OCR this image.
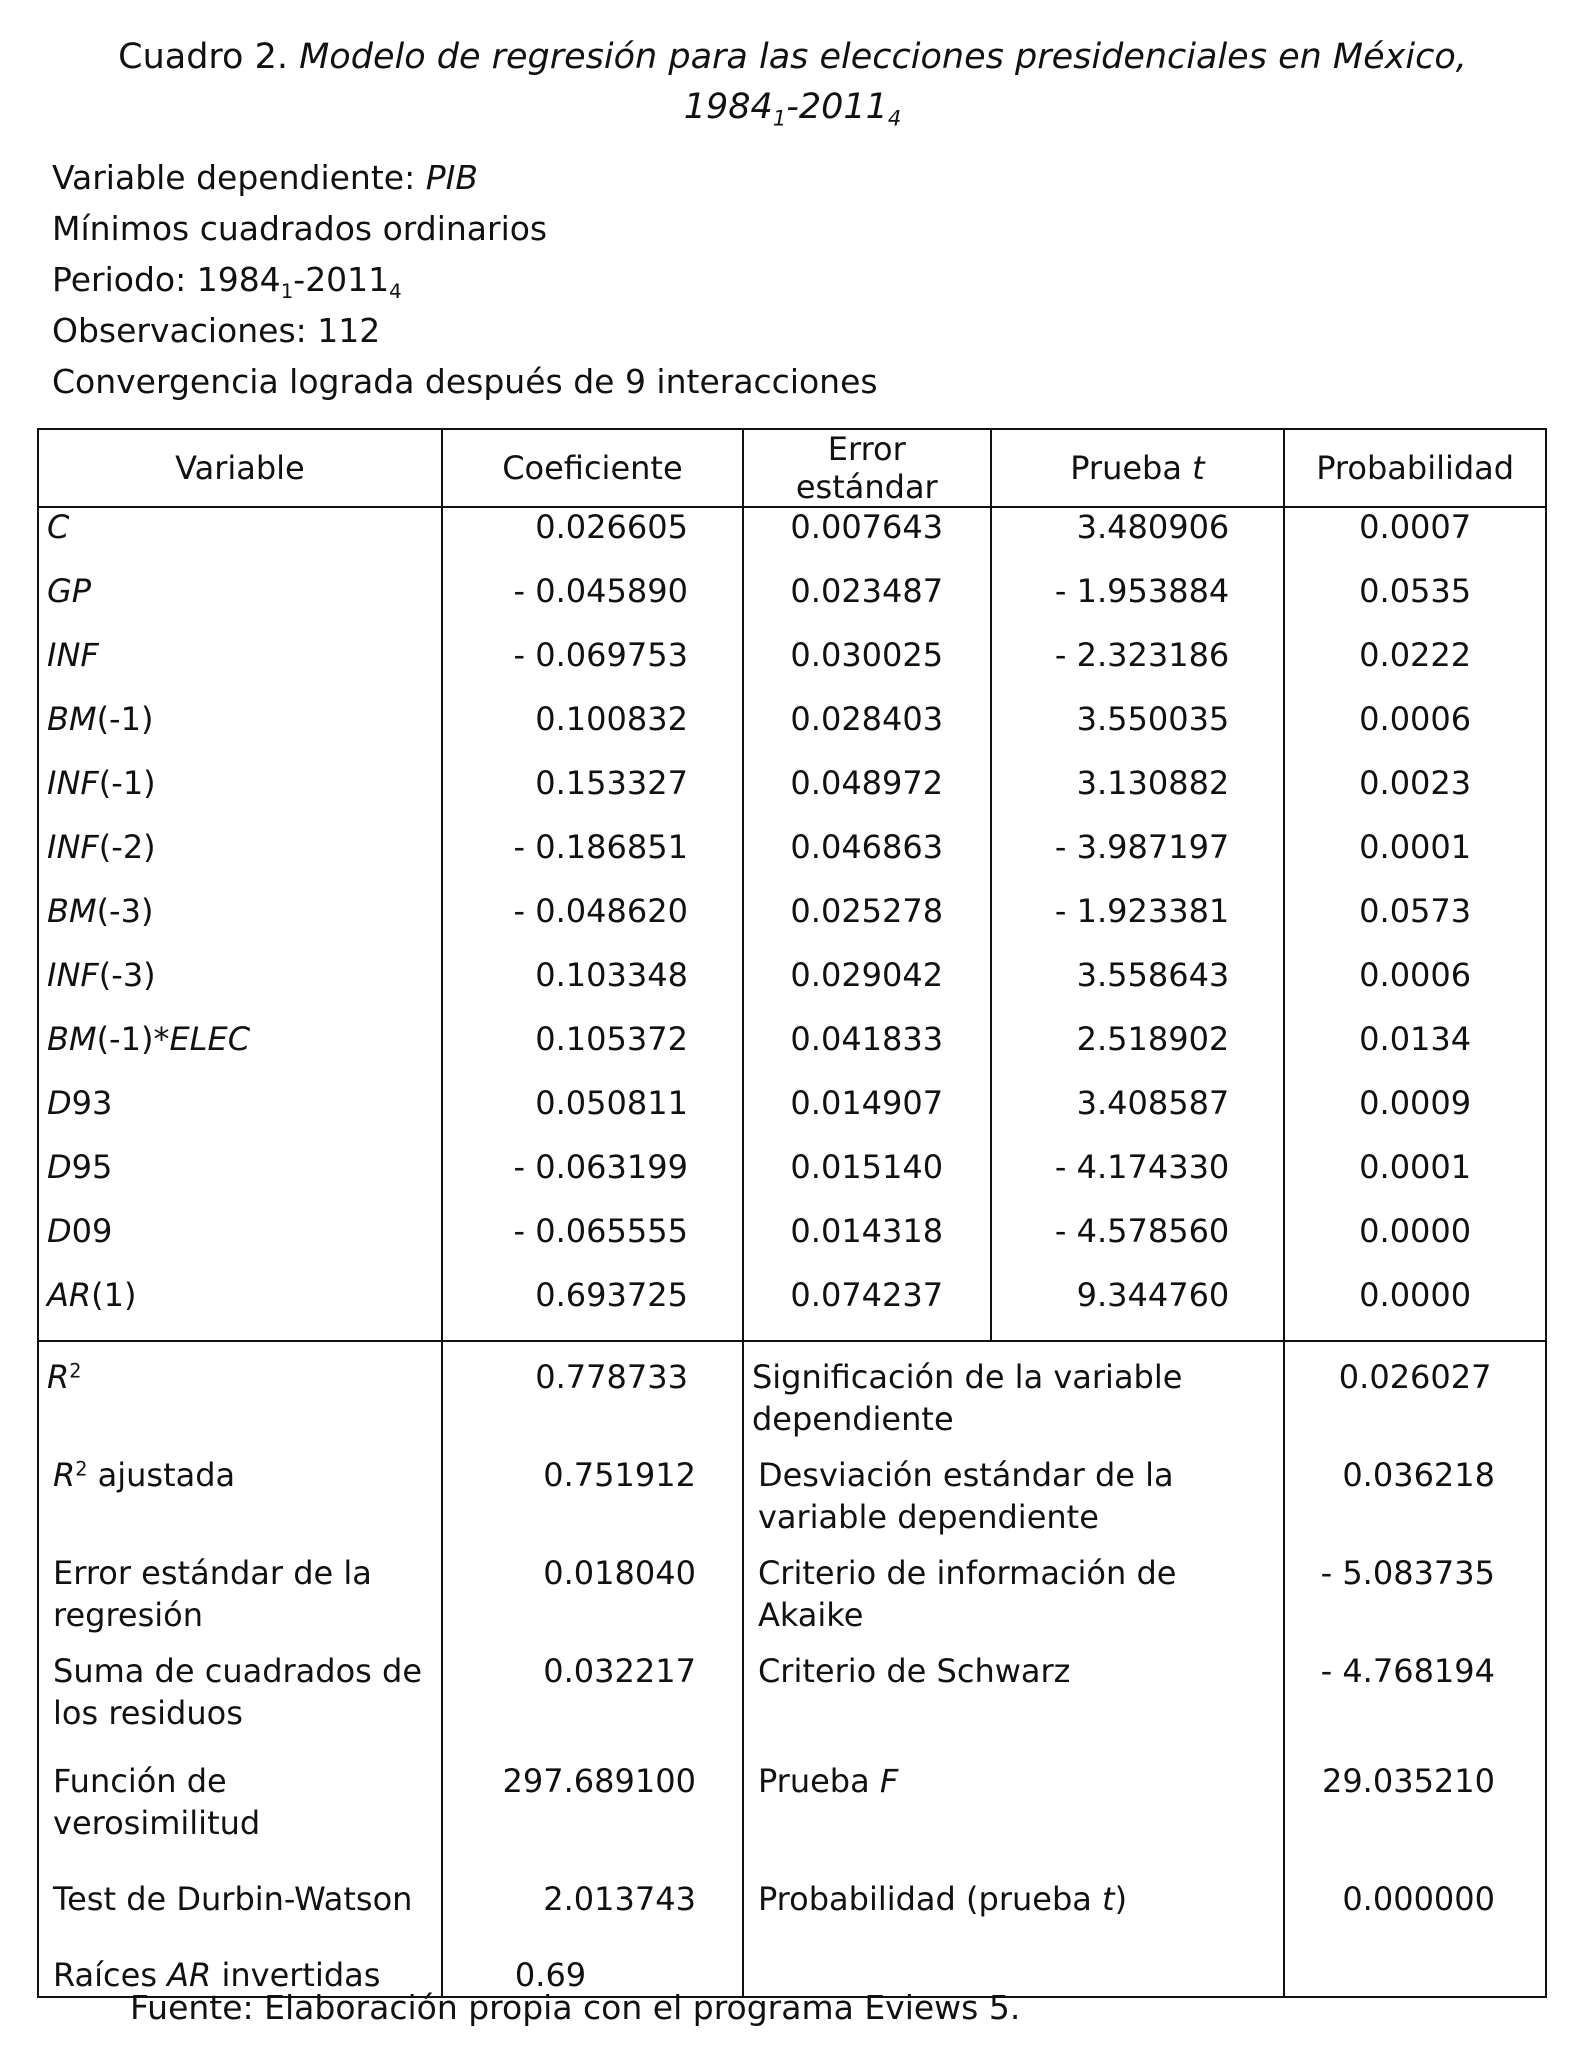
Cuadro 2. Modelo de regresión para las elecciones presidenciales en México,
$1984_1-2011_4$
Variable dependiente: PIB
Mínimos cuadrados ordinarios
Periodo: $1984_1-2011_4$
Observaciones: 112
Convergencia lograda después de 9 interacciones
Variable	Coeficiente	Error estándar	Prueba t	Probabilidad
C	0.026605	0.007643	3.480906	0.0007
GP	- 0.045890	0.023487	- 1.953884	0.0535
INF	- 0.069753	0.030025	- 2.323186	0.0222
BM(-1)	0.100832	0.028403	3.550035	0.0006
INF(-1)	0.153327	0.048972	3.130882	0.0023
INF(-2)	- 0.186851	0.046863	- 3.987197	0.0001
BM(-3)	- 0.048620	0.025278	- 1.923381	0.0573
INF(-3)	0.103348	0.029042	3.558643	0.0006
BM(-1)*ELEC	0.105372	0.041833	2.518902	0.0134
D93	0.050811	0.014907	3.408587	0.0009
D95	- 0.063199	0.015140	- 4.174330	0.0001
D09	- 0.065555	0.014318	- 4.578560	0.0000
AR(1)	0.693725	0.074237	9.344760	0.0000
$R^2$	0.778733	Significación de la variable dependiente		0.026027
$R^2$ ajustada	0.751912	Desviación estándar de la variable dependiente		0.036218
Error estándar de la regresión	0.018040	Criterio de información de Akaike		- 5.083735
Suma de cuadrados de los residuos	0.032217	Criterio de Schwarz		- 4.768194
Función de verosimilitud	297.689100	Prueba F		29.035210
Test de Durbin-Watson	2.013743	Probabilidad (prueba t)		0.000000
Raíces AR invertidas	0.69			
Fuente: Elaboración propia con el programa Eviews 5.
